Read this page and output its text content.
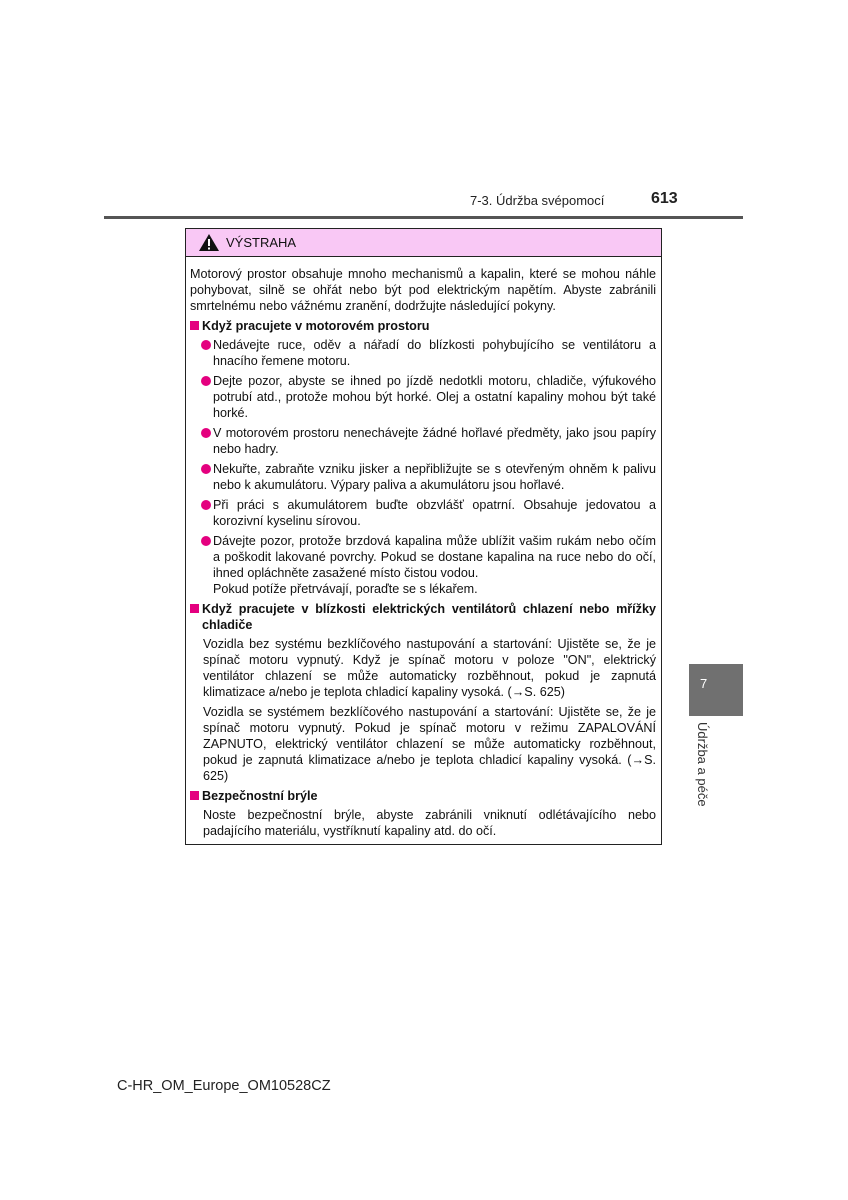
7-3. Údržba svépomocí	613
VÝSTRAHA

Motorový prostor obsahuje mnoho mechanismů a kapalin, které se mohou náhle pohybovat, silně se ohřát nebo být pod elektrickým napětím. Abyste zabránili smrtelnému nebo vážnému zranění, dodržujte následující pokyny.

Když pracujete v motorovém prostoru
Nedávejte ruce, oděv a nářadí do blízkosti pohybujícího se ventilátoru a hnacího řemene motoru.
Dejte pozor, abyste se ihned po jízdě nedotkli motoru, chladiče, výfukového potrubí atd., protože mohou být horké. Olej a ostatní kapaliny mohou být také horké.
V motorovém prostoru nenechávejte žádné hořlavé předměty, jako jsou papíry nebo hadry.
Nekuřte, zabraňte vzniku jisker a nepřibližujte se s otevřeným ohněm k palivu nebo k akumulátoru. Výpary paliva a akumulátoru jsou hořlavé.
Při práci s akumulátorem buďte obzvlášť opatrní. Obsahuje jedovatou a korozivní kyselinu sírovou.
Dávejte pozor, protože brzdová kapalina může ublížit vašim rukám nebo očím a poškodit lakované povrchy. Pokud se dostane kapalina na ruce nebo do očí, ihned opláchněte zasažené místo čistou vodou.
Pokud potíže přetrvávají, poraďte se s lékařem.
Když pracujete v blízkosti elektrických ventilátorů chlazení nebo mřížky chladiče

Vozidla bez systému bezklíčového nastupování a startování: Ujistěte se, že je spínač motoru vypnutý. Když je spínač motoru v poloze "ON", elektrický ventilátor chlazení se může automaticky rozběhnout, pokud je zapnutá klimatizace a/nebo je teplota chladicí kapaliny vysoká. (→S. 625)

Vozidla se systémem bezklíčového nastupování a startování: Ujistěte se, že je spínač motoru vypnutý. Pokud je spínač motoru v režimu ZAPALOVÁNÍ ZAPNUTO, elektrický ventilátor chlazení se může automaticky rozběhnout, pokud je zapnutá klimatizace a/nebo je teplota chladicí kapaliny vysoká. (→S. 625)

Bezpečnostní brýle

Noste bezpečnostní brýle, abyste zabránili vniknutí odlétávajícího nebo padajícího materiálu, vystříknutí kapaliny atd. do očí.

7
Údržba a péče
C-HR_OM_Europe_OM10528CZ
